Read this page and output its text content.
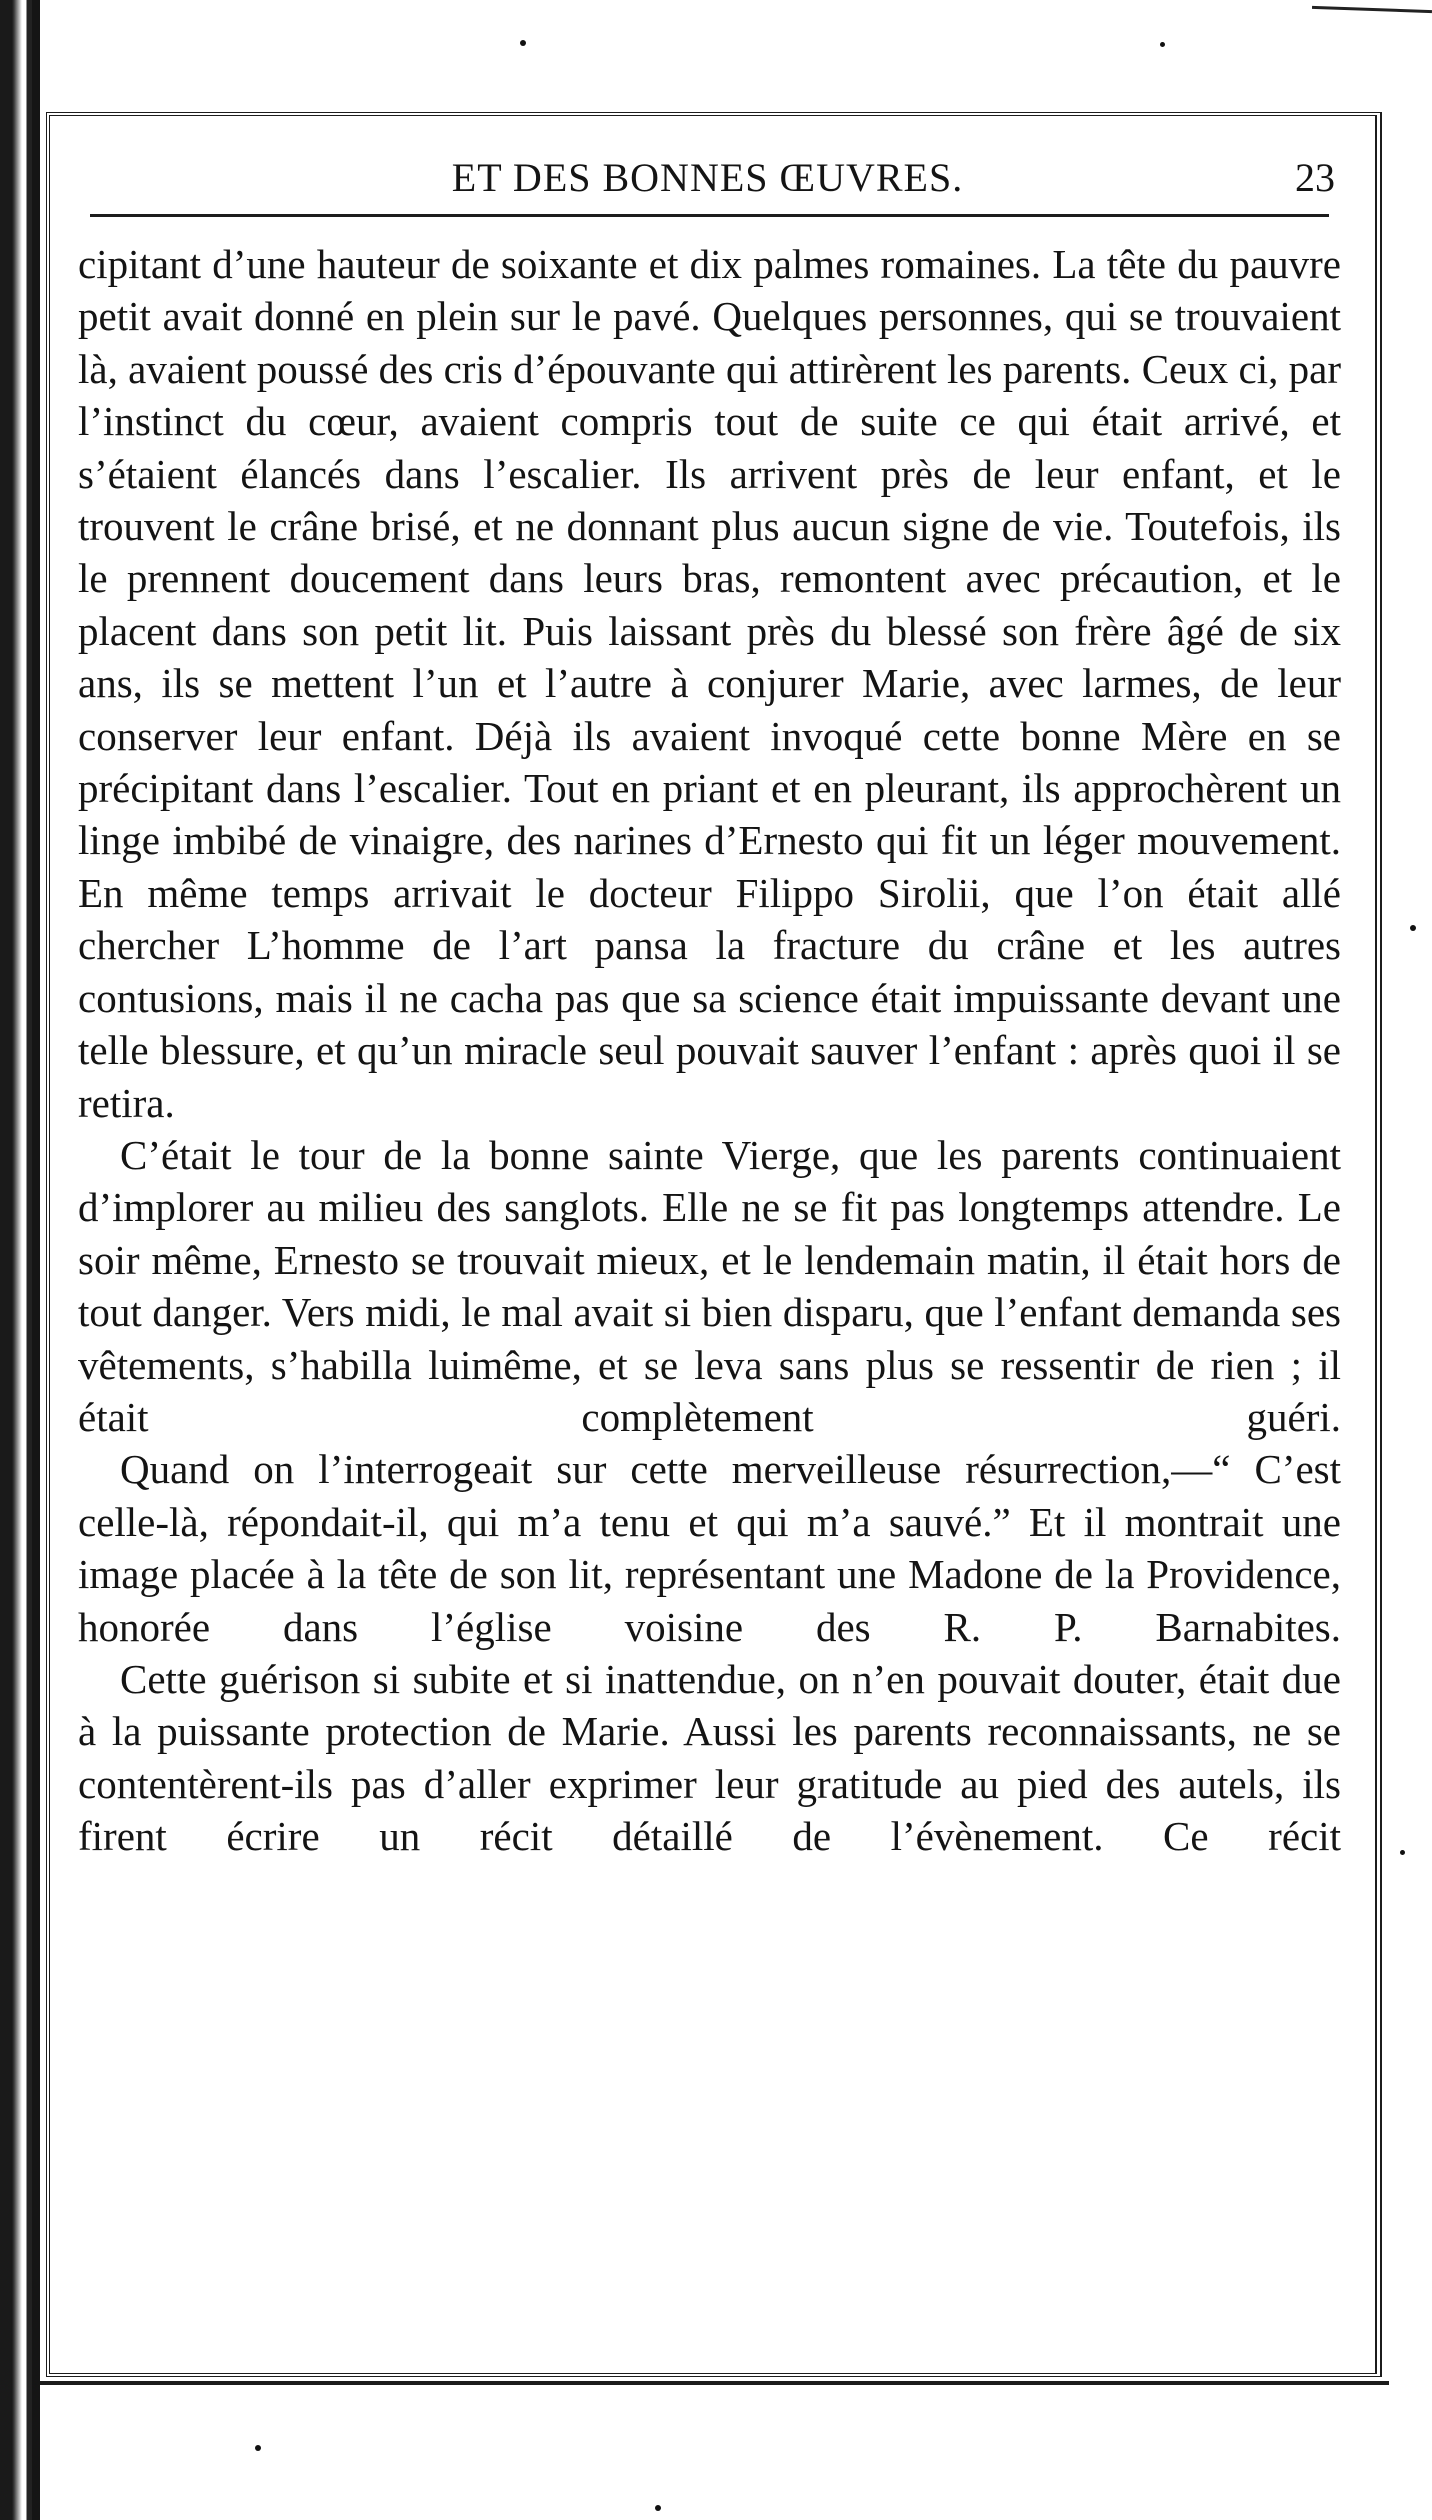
ET DES BONNES ŒUVRES.	23

cipitant d’une hauteur de soixante et dix palmes romaines. La tête du pauvre petit avait donné en plein sur le pavé. Quelques personnes, qui se trouvaient là, avaient poussé des cris d’épouvante qui attirèrent les parents. Ceux ci, par l’instinct du cœur, avaient compris tout de suite ce qui était arrivé, et s’étaient élancés dans l’escalier. Ils arrivent près de leur enfant, et le trouvent le crâne brisé, et ne donnant plus aucun signe de vie. Toutefois, ils le prennent doucement dans leurs bras, remontent avec précaution, et le placent dans son petit lit. Puis laissant près du blessé son frère âgé de six ans, ils se mettent l’un et l’autre à conjurer Marie, avec larmes, de leur conserver leur enfant. Déjà ils avaient invoqué cette bonne Mère en se précipitant dans l’escalier. Tout en priant et en pleurant, ils approchèrent un linge imbibé de vinaigre, des narines d’Ernesto qui fit un léger mouvement. En même temps arrivait le docteur Filippo Sirolii, que l’on était allé chercher L’homme de l’art pansa la fracture du crâne et les autres contusions, mais il ne cacha pas que sa science était impuissante devant une telle blessure, et qu’un miracle seul pouvait sauver l’enfant : après quoi il se retira.

C’était le tour de la bonne sainte Vierge, que les parents continuaient d’implorer au milieu des sanglots. Elle ne se fit pas longtemps attendre. Le soir même, Ernesto se trouvait mieux, et le lendemain matin, il était hors de tout danger. Vers midi, le mal avait si bien disparu, que l’enfant demanda ses vêtements, s’habilla luimême, et se leva sans plus se ressentir de rien ; il était complètement guéri.

Quand on l’interrogeait sur cette merveilleuse résurrection,—“ C’est celle-là, répondait-il, qui m’a tenu et qui m’a sauvé.” Et il montrait une image placée à la tête de son lit, représentant une Madone de la Providence, honorée dans l’église voisine des R. P. Barnabites.

Cette guérison si subite et si inattendue, on n’en pouvait douter, était due à la puissante protection de Marie. Aussi les parents reconnaissants, ne se contentèrent-ils pas d’aller exprimer leur gratitude au pied des autels, ils firent écrire un récit détaillé de l’évènement. Ce récit
